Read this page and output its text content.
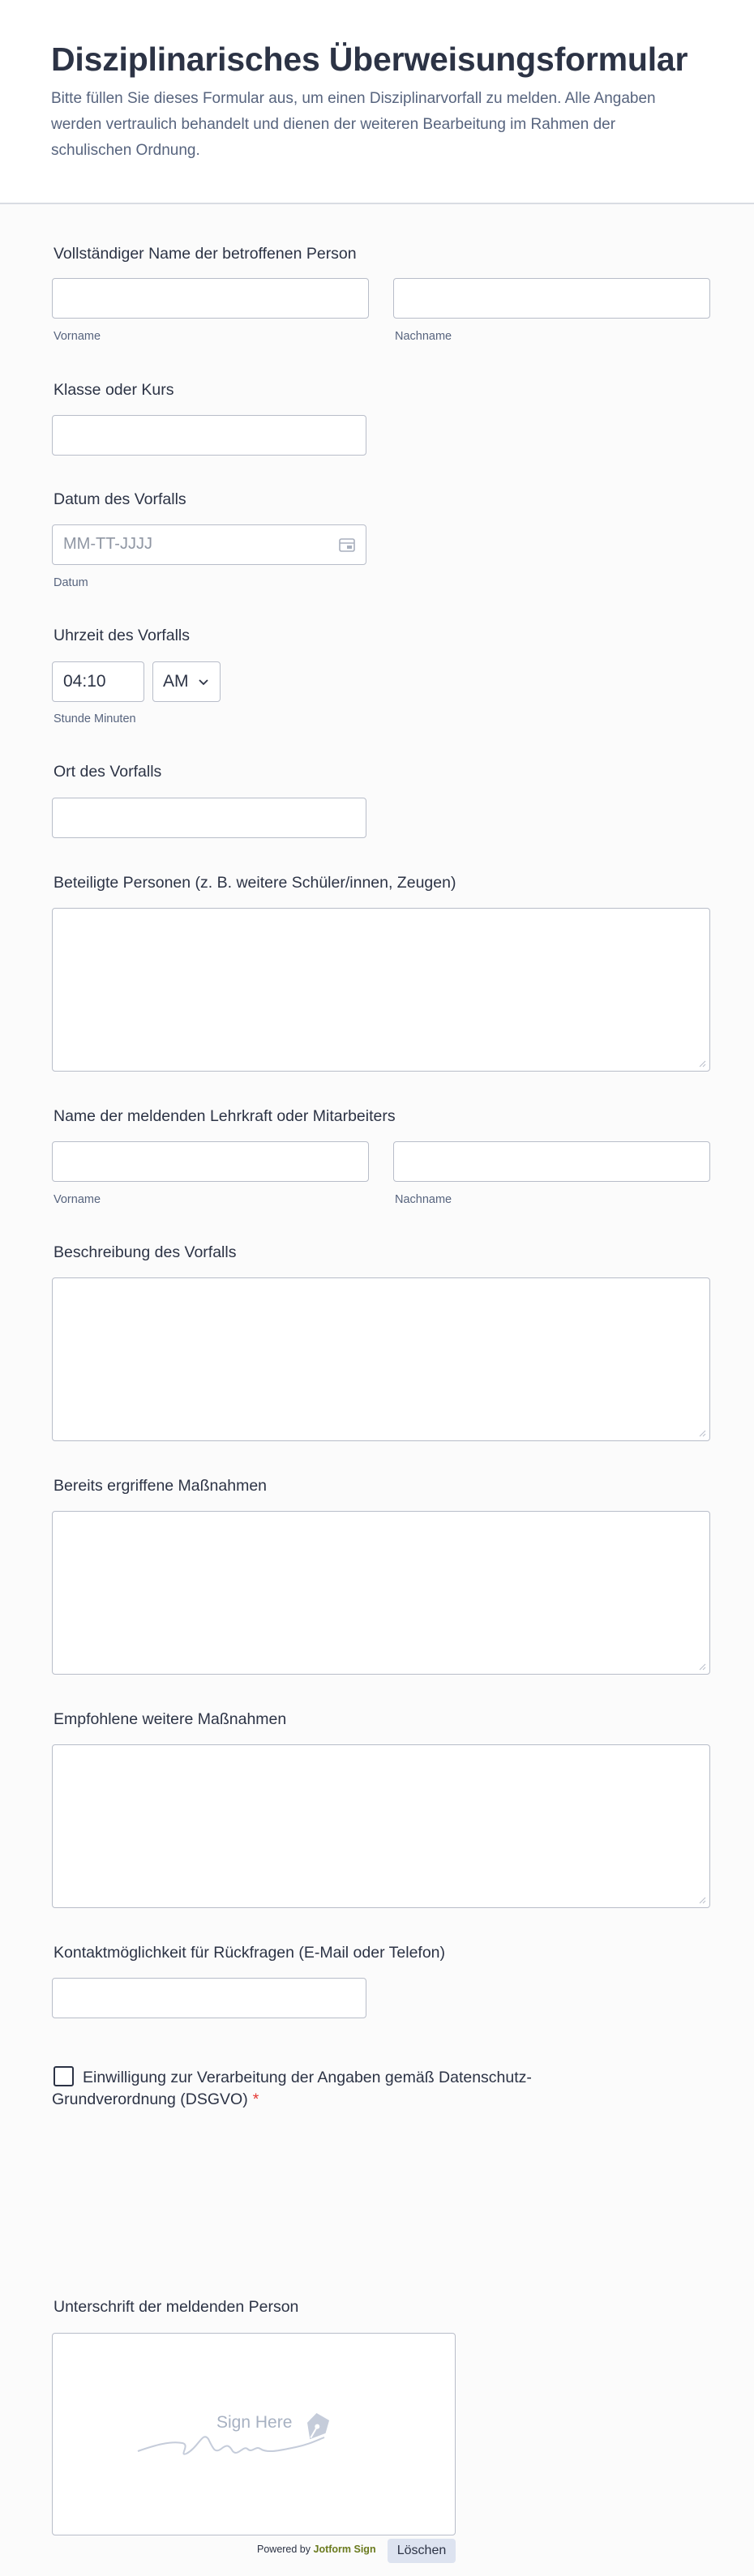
Disziplinarisches Überweisungsformular

Bitte füllen Sie dieses Formular aus, um einen Disziplinarvorfall zu melden. Alle Angaben werden vertraulich behandelt und dienen der weiteren Bearbeitung im Rahmen der schulischen Ordnung.

Vollständiger Name der betroffenen Person
Vorname	Nachname
Klasse oder Kurs
Datum des Vorfalls
MM-TT-JJJJ
Datum
Uhrzeit des Vorfalls
04:10	AM
Stunde Minuten
Ort des Vorfalls
Beteiligte Personen (z. B. weitere Schüler/innen, Zeugen)
Name der meldenden Lehrkraft oder Mitarbeiters
Vorname	Nachname
Beschreibung des Vorfalls
Bereits ergriffene Maßnahmen
Empfohlene weitere Maßnahmen
Kontaktmöglichkeit für Rückfragen (E-Mail oder Telefon)
Einwilligung zur Verarbeitung der Angaben gemäß Datenschutz-Grundverordnung (DSGVO) *
Unterschrift der meldenden Person
Sign Here
Powered by Jotform Sign	Löschen
